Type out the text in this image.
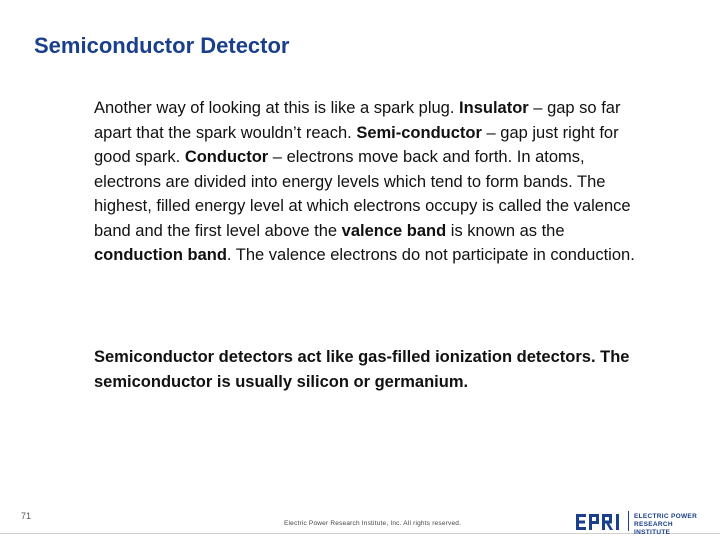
Semiconductor Detector
Another way of looking at this is like a spark plug. Insulator – gap so far apart that the spark wouldn’t reach. Semi-conductor – gap just right for good spark. Conductor – electrons move back and forth. In atoms, electrons are divided into energy levels which tend to form bands. The highest, filled energy level at which electrons occupy is called the valence band and the first level above the valence band is known as the conduction band. The valence electrons do not participate in conduction.
Semiconductor detectors act like gas-filled ionization detectors. The semiconductor is usually silicon or germanium.
71
Electric Power Research Institute, Inc. All rights reserved.
ELECTRIC POWER
RESEARCH INSTITUTE
